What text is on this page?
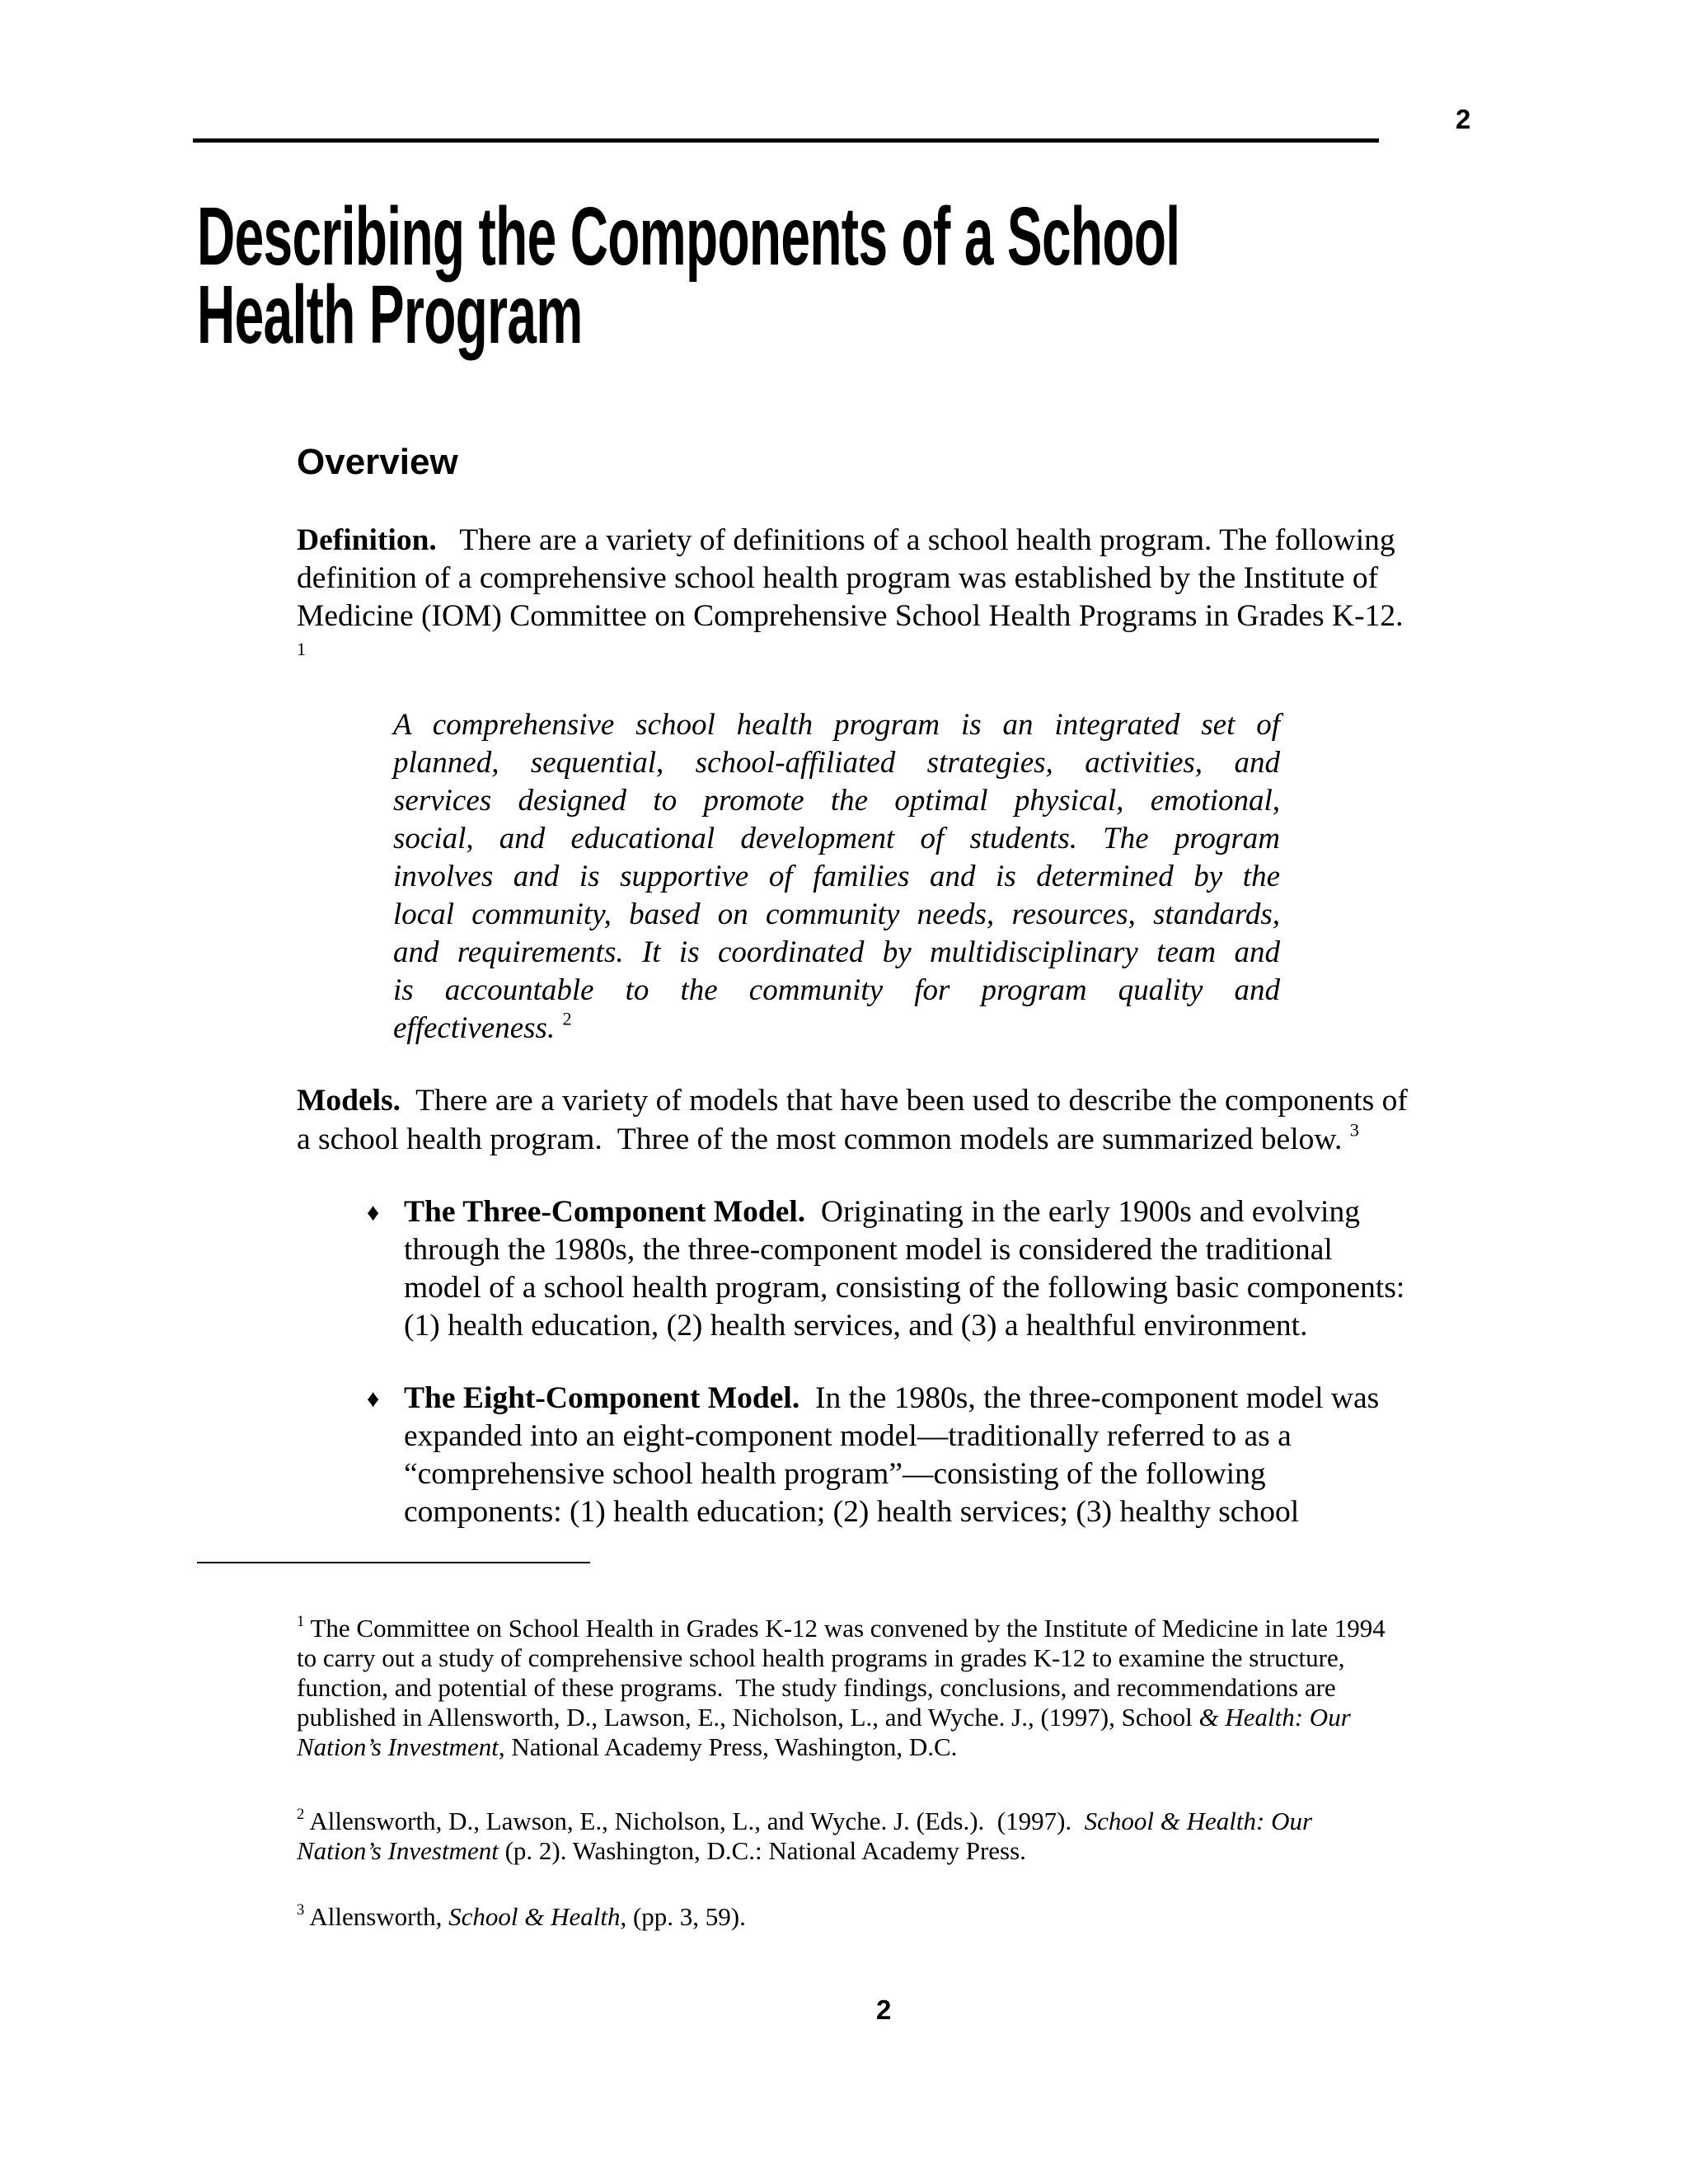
2
Describing the Components of a School
Health Program
Overview
Definition.   There are a variety of definitions of a school health program. The following
definition of a comprehensive school health program was established by the Institute of
Medicine (IOM) Committee on Comprehensive School Health Programs in Grades K-12.
1
A comprehensive school health program is an integrated set of
planned, sequential, school-affiliated strategies, activities, and
services designed to promote the optimal physical, emotional,
social, and educational development of students. The program
involves and is supportive of families and is determined by the
local community, based on community needs, resources, standards,
and requirements. It is coordinated by multidisciplinary team and
is accountable to the community for program quality and
effectiveness. $^2$
Models.  There are a variety of models that have been used to describe the components of
a school health program.  Three of the most common models are summarized below. $^3$
♦ The Three-Component Model.  Originating in the early 1900s and evolving
through the 1980s, the three-component model is considered the traditional
model of a school health program, consisting of the following basic components:
(1) health education, (2) health services, and (3) a healthful environment.
♦ The Eight-Component Model.  In the 1980s, the three-component model was
expanded into an eight-component model—traditionally referred to as a
“comprehensive school health program”—consisting of the following
components: (1) health education; (2) health services; (3) healthy school
$^1$ The Committee on School Health in Grades K-12 was convened by the Institute of Medicine in late 1994
to carry out a study of comprehensive school health programs in grades K-12 to examine the structure,
function, and potential of these programs.  The study findings, conclusions, and recommendations are
published in Allensworth, D., Lawson, E., Nicholson, L., and Wyche. J., (1997), School & Health: Our
Nation’s Investment, National Academy Press, Washington, D.C.
$^2$ Allensworth, D., Lawson, E., Nicholson, L., and Wyche. J. (Eds.).  (1997).  School & Health: Our
Nation’s Investment (p. 2). Washington, D.C.: National Academy Press.
$^3$ Allensworth, School & Health, (pp. 3, 59).
2
